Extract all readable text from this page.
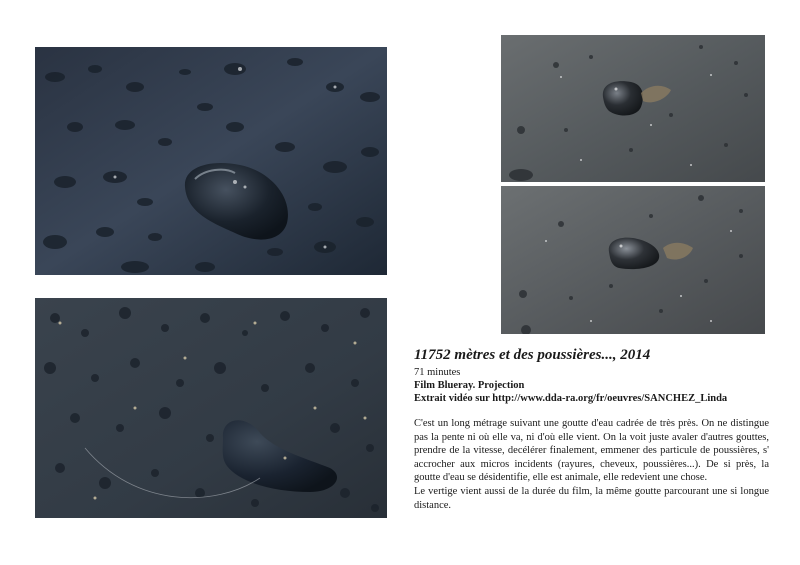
11752 mètres et des poussières..., 2014
71 minutes
Film Blueray. Projection
Extrait vidéo sur http://www.dda-ra.org/fr/oeuvres/SANCHEZ_Linda

C'est un long métrage suivant une goutte d'eau cadrée de très près. On ne distingue pas la pente ni où elle va, ni d'où elle vient. On la voit juste avaler d'autres gouttes, prendre de la vitesse, decélérer finalement, emmener des particule de poussières, s' accrocher aux micros incidents (rayures, cheveux, poussières...). De si près, la goutte d'eau se désidentifie, elle est animale, elle redevient une chose.

Le vertige vient aussi de la durée du film, la même goutte parcourant une si longue distance.
